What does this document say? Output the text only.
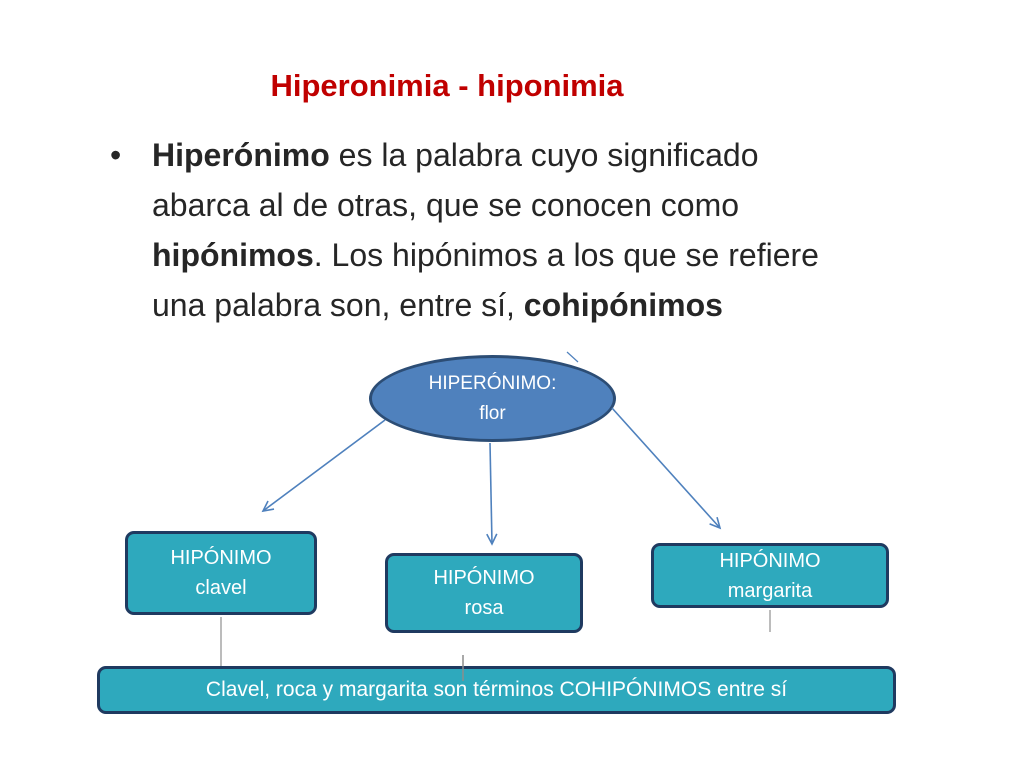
Hiperonimia - hiponimia
• Hiperónimo es la palabra cuyo significado
abarca al de otras, que se conocen como
hipónimos. Los hipónimos a los que se refiere
una palabra son, entre sí, cohipónimos
HIPERÓNIMO:
flor
HIPÓNIMO
clavel	HIPÓNIMO
rosa
HIPÓNIMO
margarita
Clavel, roca y margarita son términos COHIPÓNIMOS entre sí
